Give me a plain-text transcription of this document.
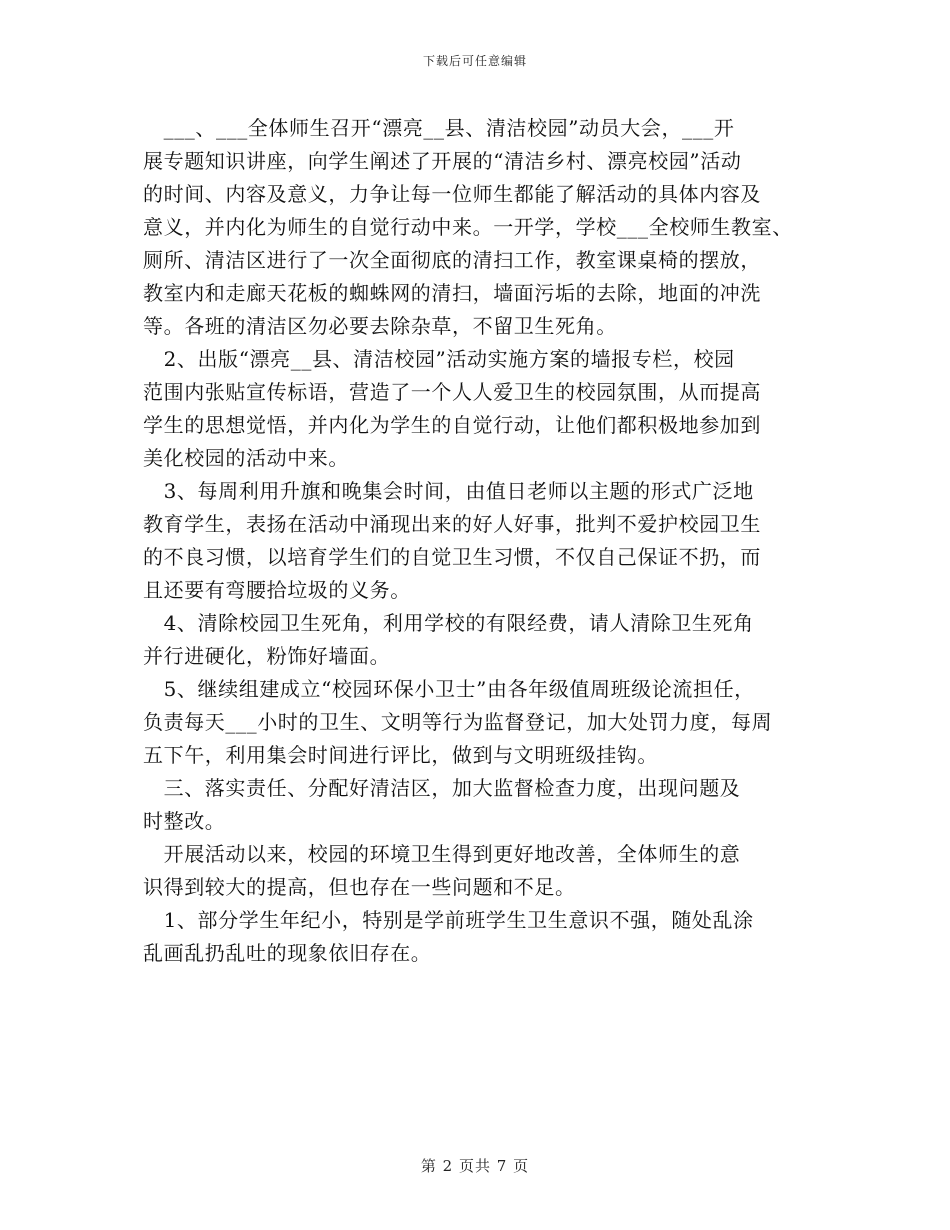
下载后可任意编辑

　___、___全体师生召开“漂亮__县、清洁校园”动员大会，___开
展专题知识讲座，向学生阐述了开展的“清洁乡村、漂亮校园”活动
的时间、内容及意义，力争让每一位师生都能了解活动的具体内容及
意义，并内化为师生的自觉行动中来。一开学，学校___全校师生教室、
厕所、清洁区进行了一次全面彻底的清扫工作，教室课桌椅的摆放，
教室内和走廊天花板的蜘蛛网的清扫，墙面污垢的去除，地面的冲洗
等。各班的清洁区勿必要去除杂草，不留卫生死角。

　2、出版“漂亮__县、清洁校园”活动实施方案的墙报专栏，校园
范围内张贴宣传标语，营造了一个人人爱卫生的校园氛围，从而提高
学生的思想觉悟，并内化为学生的自觉行动，让他们都积极地参加到
美化校园的活动中来。

　3、每周利用升旗和晚集会时间，由值日老师以主题的形式广泛地
教育学生，表扬在活动中涌现出来的好人好事，批判不爱护校园卫生
的不良习惯，以培育学生们的自觉卫生习惯，不仅自己保证不扔，而
且还要有弯腰拾垃圾的义务。

　4、清除校园卫生死角，利用学校的有限经费，请人清除卫生死角
并行进硬化，粉饰好墙面。

　5、继续组建成立“校园环保小卫士”由各年级值周班级论流担任，
负责每天___小时的卫生、文明等行为监督登记，加大处罚力度，每周
五下午，利用集会时间进行评比，做到与文明班级挂钩。

　三、落实责任、分配好清洁区，加大监督检查力度，出现问题及
时整改。

　开展活动以来，校园的环境卫生得到更好地改善，全体师生的意
识得到较大的提高，但也存在一些问题和不足。

　1、部分学生年纪小，特别是学前班学生卫生意识不强，随处乱涂
乱画乱扔乱吐的现象依旧存在。

第 2 页共 7 页
